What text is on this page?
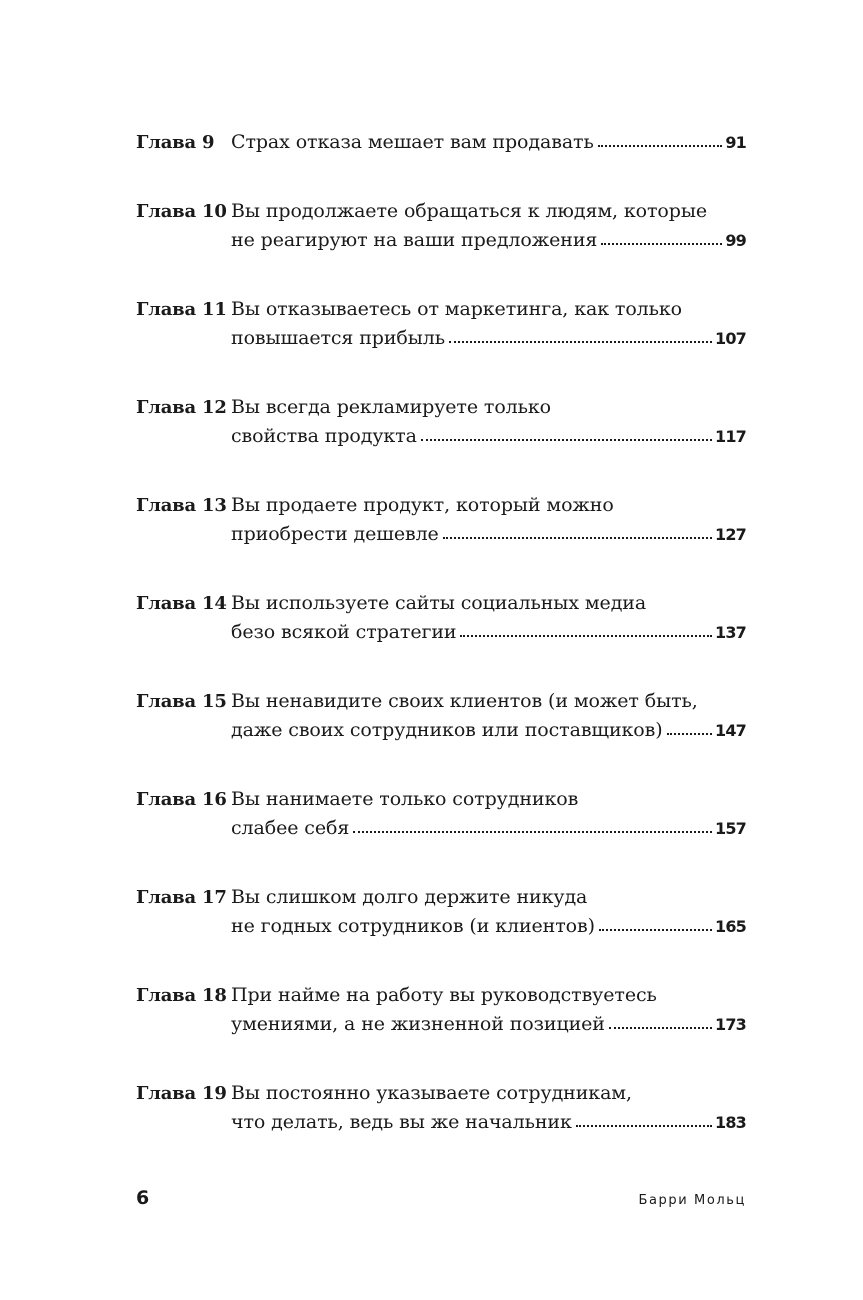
Глава 9 Страх отказа мешает вам продавать	91
Глава 10 Вы продолжаете обращаться к людям, которые
не реагируют на ваши предложения	99
Глава 11 Вы отказываетесь от маркетинга, как только
повышается прибыль	107
Глава 12 Вы всегда рекламируете только
свойства продукта	117
Глава 13 Вы продаете продукт, который можно
приобрести дешевле	127
Глава 14 Вы используете сайты социальных медиа
безо всякой стратегии	137
Глава 15 Вы ненавидите своих клиентов (и может быть,
даже своих сотрудников или поставщиков)	147
Глава 16 Вы нанимаете только сотрудников
слабее себя	157
Глава 17 Вы слишком долго держите никуда
не годных сотрудников (и клиентов)	165
Глава 18 При найме на работу вы руководствуетесь
умениями, а не жизненной позицией	173
Глава 19 Вы постоянно указываете сотрудникам,
что делать, ведь вы же начальник	183
6	Барри Мольц
